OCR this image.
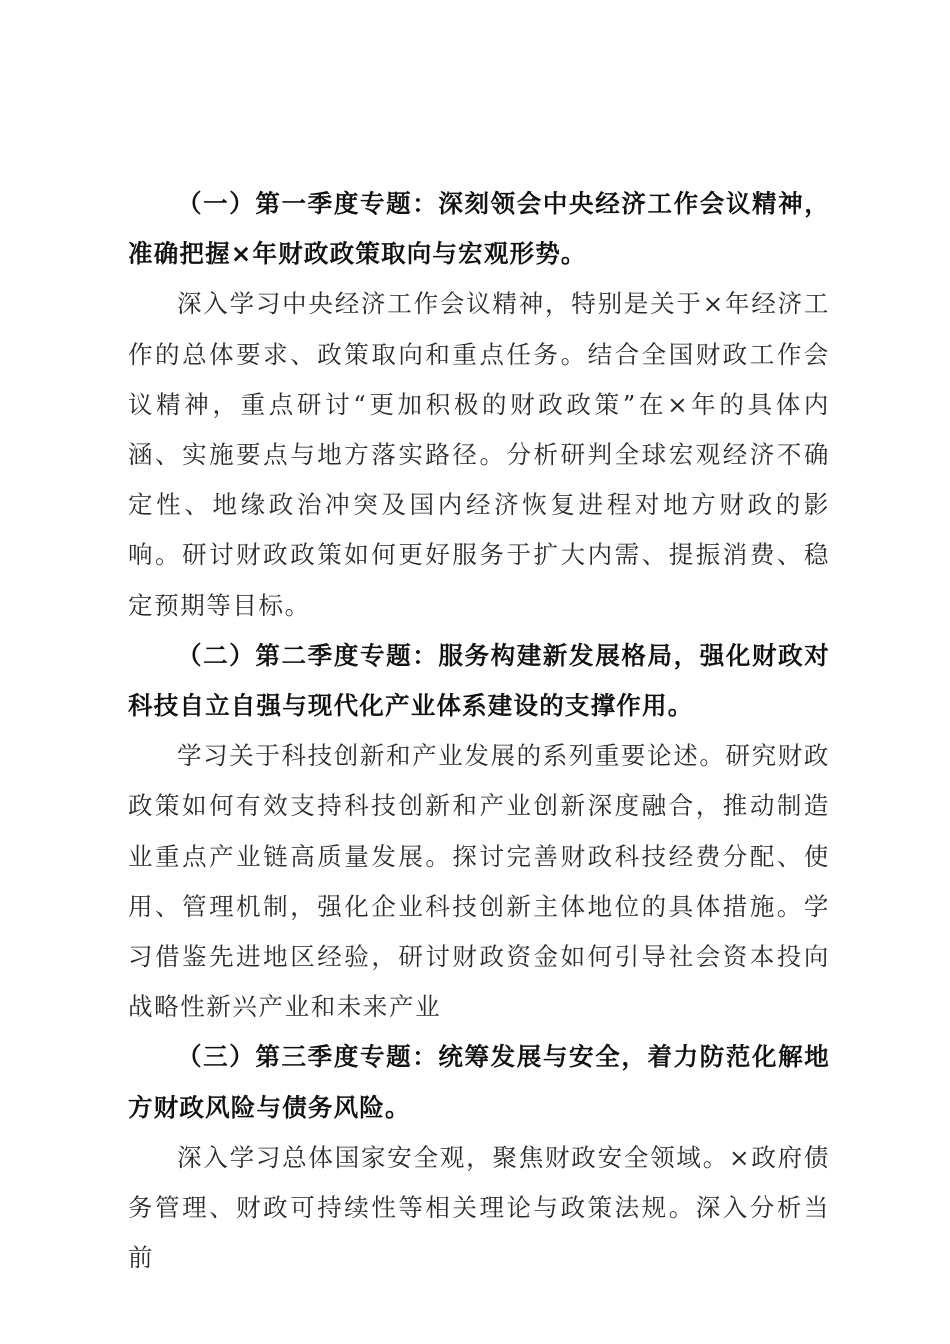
（一）第一季度专题：深刻领会中央经济工作会议精神，准确把握×年财政政策取向与宏观形势。

深入学习中央经济工作会议精神，特别是关于×年经济工作的总体要求、政策取向和重点任务。结合全国财政工作会议精神，重点研讨“更加积极的财政政策”在×年的具体内涵、实施要点与地方落实路径。分析研判全球宏观经济不确定性、地缘政治冲突及国内经济恢复进程对地方财政的影响。研讨财政政策如何更好服务于扩大内需、提振消费、稳定预期等目标。

（二）第二季度专题：服务构建新发展格局，强化财政对科技自立自强与现代化产业体系建设的支撑作用。

学习关于科技创新和产业发展的系列重要论述。研究财政政策如何有效支持科技创新和产业创新深度融合，推动制造业重点产业链高质量发展。探讨完善财政科技经费分配、使用、管理机制，强化企业科技创新主体地位的具体措施。学习借鉴先进地区经验，研讨财政资金如何引导社会资本投向战略性新兴产业和未来产业

（三）第三季度专题：统筹发展与安全，着力防范化解地方财政风险与债务风险。

深入学习总体国家安全观，聚焦财政安全领域。×政府债务管理、财政可持续性等相关理论与政策法规。深入分析当前
